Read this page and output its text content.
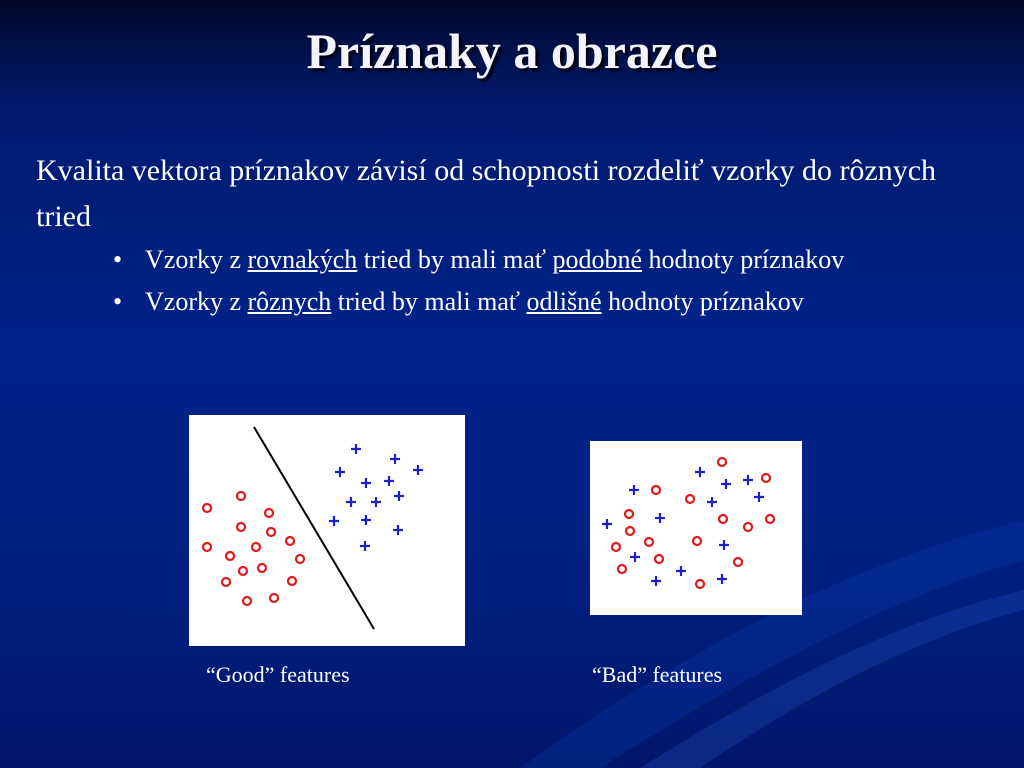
Príznaky a obrazce
Kvalita vektora príznakov závisí od schopnosti rozdeliť vzorky do rôznych tried
• Vzorky z rovnakých tried by mali mať podobné hodnoty príznakov
• Vzorky z rôznych tried by mali mať odlišné hodnoty príznakov
“Good” features	“Bad” features
